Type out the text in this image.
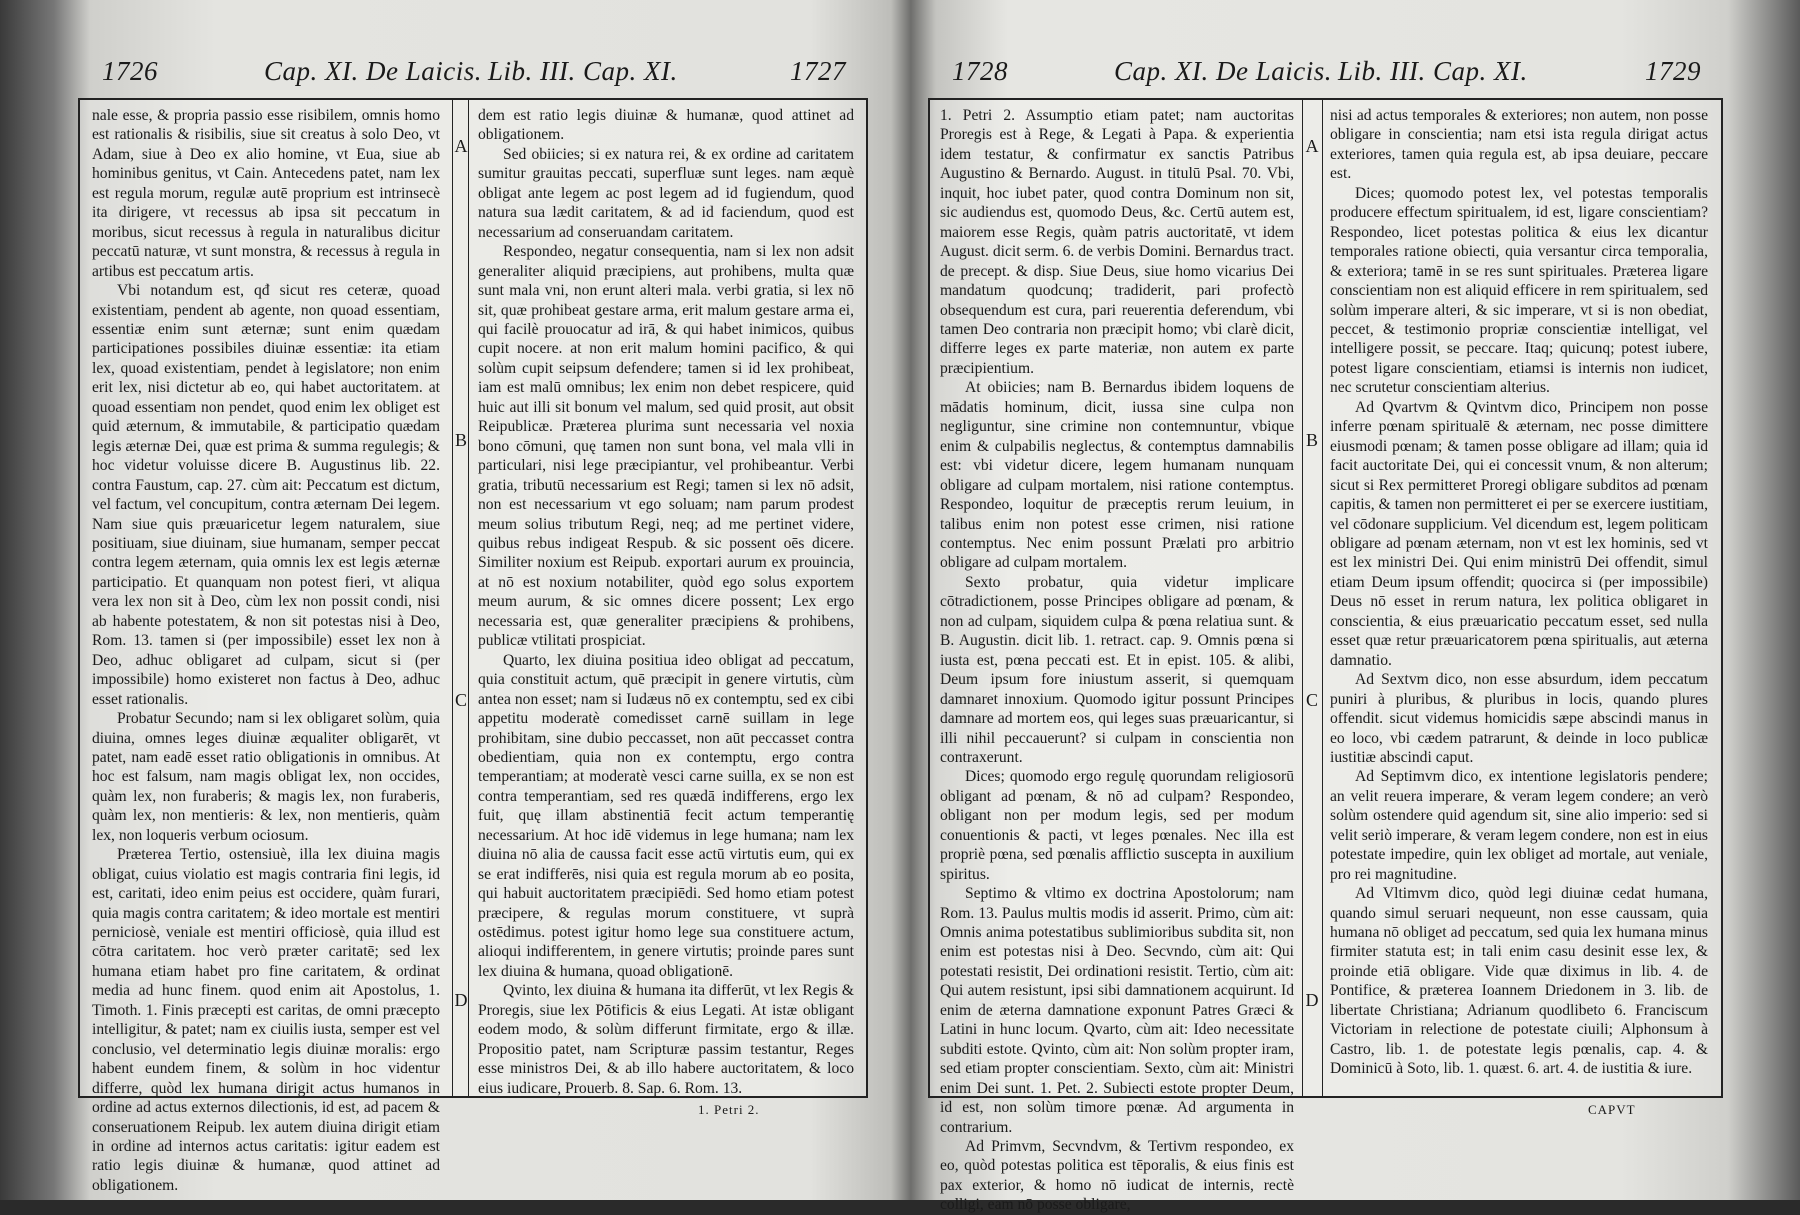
1726	Cap. XI. De Laicis. Lib. III. Cap. XI.	1727

nale esse, & propria passio esse risibilem, omnis homo est rationalis & risibilis, siue sit creatus à solo Deo, vt Adam, siue à Deo ex alio homine, vt Eua, siue ab hominibus genitus, vt Cain. Antecedens patet, nam lex est regula morum, regulæ autē proprium est intrinsecè ita dirigere, vt recessus ab ipsa sit peccatum in moribus, sicut recessus à regula in naturalibus dicitur peccatū naturæ, vt sunt monstra, & recessus à regula in artibus est peccatum artis.

Vbi notandum est, qđ sicut res ceteræ, quoad existentiam, pendent ab agente, non quoad essentiam, essentiæ enim sunt æternæ; sunt enim quædam participationes possibiles diuinæ essentiæ: ita etiam lex, quoad existentiam, pendet à legislatore; non enim erit lex, nisi dictetur ab eo, qui habet auctoritatem. at quoad essentiam non pendet, quod enim lex obliget est quid æternum, & immutabile, & participatio quædam legis æternæ Dei, quæ est prima & summa regulegis; & hoc videtur voluisse dicere B. Augustinus lib. 22. contra Faustum, cap. 27. cùm ait: Peccatum est dictum, vel factum, vel concupitum, contra æternam Dei legem. Nam siue quis præuaricetur legem naturalem, siue positiuam, siue diuinam, siue humanam, semper peccat contra legem æternam, quia omnis lex est legis æternæ participatio. Et quanquam non potest fieri, vt aliqua vera lex non sit à Deo, cùm lex non possit condi, nisi ab habente potestatem, & non sit potestas nisi à Deo, Rom. 13. tamen si (per impossibile) esset lex non à Deo, adhuc obligaret ad culpam, sicut si (per impossibile) homo existeret non factus à Deo, adhuc esset rationalis.

Probatur Secundo; nam si lex obligaret solùm, quia diuina, omnes leges diuinæ æqualiter obligarēt, vt patet, nam eadē esset ratio obligationis in omnibus. At hoc est falsum, nam magis obligat lex, non occides, quàm lex, non furaberis; & magis lex, non furaberis, quàm lex, non mentieris: & lex, non mentieris, quàm lex, non loqueris verbum ociosum.

Præterea Tertio, ostensiuè, illa lex diuina magis obligat, cuius violatio est magis contraria fini legis, id est, caritati, ideo enim peius est occidere, quàm furari, quia magis contra caritatem; & ideo mortale est mentiri perniciosè, veniale est mentiri officiosè, quia illud est cōtra caritatem. hoc verò præter caritatē; sed lex humana etiam habet pro fine caritatem, & ordinat media ad hunc finem. quod enim ait Apostolus, 1. Timoth. 1. Finis præcepti est caritas, de omni præcepto intelligitur, & patet; nam ex ciuilis iusta, semper est vel conclusio, vel determinatio legis diuinæ moralis: ergo habent eundem finem, & solùm in hoc videntur differre, quòd lex humana dirigit actus humanos in ordine ad actus externos dilectionis, id est, ad pacem & conseruationem Reipub. lex autem diuina dirigit etiam in ordine ad internos actus caritatis: igitur eadem est ratio legis diuinæ & humanæ, quod attinet ad obligationem.

A
B
C
D

dem est ratio legis diuinæ & humanæ, quod attinet ad obligationem.

Sed obiicies; si ex natura rei, & ex ordine ad caritatem sumitur grauitas peccati, superfluæ sunt leges. nam æquè obligat ante legem ac post legem ad id fugiendum, quod natura sua lædit caritatem, & ad id faciendum, quod est necessarium ad conseruandam caritatem.

Respondeo, negatur consequentia, nam si lex non adsit generaliter aliquid præcipiens, aut prohibens, multa quæ sunt mala vni, non erunt alteri mala. verbi gratia, si lex nō sit, quæ prohibeat gestare arma, erit malum gestare arma ei, qui facilè prouocatur ad irā, & qui habet inimicos, quibus cupit nocere. at non erit malum homini pacifico, & qui solùm cupit seipsum defendere; tamen si id lex prohibeat, iam est malū omnibus; lex enim non debet respicere, quid huic aut illi sit bonum vel malum, sed quid prosit, aut obsit Reipublicæ. Præterea plurima sunt necessaria vel noxia bono cōmuni, quę tamen non sunt bona, vel mala vlli in particulari, nisi lege præcipiantur, vel prohibeantur. Verbi gratia, tributū necessarium est Regi; tamen si lex nō adsit, non est necessarium vt ego soluam; nam parum prodest meum solius tributum Regi, neq; ad me pertinet videre, quibus rebus indigeat Respub. & sic possent oēs dicere. Similiter noxium est Reipub. exportari aurum ex prouincia, at nō est noxium notabiliter, quòd ego solus exportem meum aurum, & sic omnes dicere possent; Lex ergo necessaria est, quæ generaliter præcipiens & prohibens, publicæ vtilitati prospiciat.

Quarto, lex diuina positiua ideo obligat ad peccatum, quia constituit actum, quē præcipit in genere virtutis, cùm antea non esset; nam si Iudæus nō ex contemptu, sed ex cibi appetitu moderatè comedisset carnē suillam in lege prohibitam, sine dubio peccasset, non aūt peccasset contra obedientiam, quia non ex contemptu, ergo contra temperantiam; at moderatè vesci carne suilla, ex se non est contra temperantiam, sed res quædā indifferens, ergo lex fuit, quę illam abstinentiā fecit actum temperantię necessarium. At hoc idē videmus in lege humana; nam lex diuina nō alia de caussa facit esse actū virtutis eum, qui ex se erat indifferēs, nisi quia est regula morum ab eo posita, qui habuit auctoritatem præcipiēdi. Sed homo etiam potest præcipere, & regulas morum constituere, vt suprà ostēdimus. potest igitur homo lege sua constituere actum, alioqui indifferentem, in genere virtutis; proinde pares sunt lex diuina & humana, quoad obligationē.

Qvinto, lex diuina & humana ita differūt, vt lex Regis & Proregis, siue lex Pōtificis & eius Legati. At istæ obligant eodem modo, & solùm differunt firmitate, ergo & illæ. Propositio patet, nam Scripturæ passim testantur, Reges esse ministros Dei, & ab illo habere auctoritatem, & loco eius iudicare, Prouerb. 8. Sap. 6. Rom. 13.

1. Petri 2.
1728	Cap. XI. De Laicis. Lib. III. Cap. XI.	1729

1. Petri 2. Assumptio etiam patet; nam auctoritas Proregis est à Rege, & Legati à Papa. & experientia idem testatur, & confirmatur ex sanctis Patribus Augustino & Bernardo. August. in titulū Psal. 70. Vbi, inquit, hoc iubet pater, quod contra Dominum non sit, sic audiendus est, quomodo Deus, &c. Certū autem est, maiorem esse Regis, quàm patris auctoritatē, vt idem August. dicit serm. 6. de verbis Domini. Bernardus tract. de precept. & disp. Siue Deus, siue homo vicarius Dei mandatum quodcunq; tradiderit, pari profectò obsequendum est cura, pari reuerentia deferendum, vbi tamen Deo contraria non præcipit homo; vbi clarè dicit, differre leges ex parte materiæ, non autem ex parte præcipientium.

At obiicies; nam B. Bernardus ibidem loquens de mādatis hominum, dicit, iussa sine culpa non negliguntur, sine crimine non contemnuntur, vbique enim & culpabilis neglectus, & contemptus damnabilis est: vbi videtur dicere, legem humanam nunquam obligare ad culpam mortalem, nisi ratione contemptus. Respondeo, loquitur de præceptis rerum leuium, in talibus enim non potest esse crimen, nisi ratione contemptus. Nec enim possunt Prælati pro arbitrio obligare ad culpam mortalem.

Sexto probatur, quia videtur implicare cōtradictionem, posse Principes obligare ad pœnam, & non ad culpam, siquidem culpa & pœna relatiua sunt. & B. Augustin. dicit lib. 1. retract. cap. 9. Omnis pœna si iusta est, pœna peccati est. Et in epist. 105. & alibi, Deum ipsum fore iniustum asserit, si quemquam damnaret innoxium. Quomodo igitur possunt Principes damnare ad mortem eos, qui leges suas præuaricantur, si illi nihil peccauerunt? si culpam in conscientia non contraxerunt.

Dices; quomodo ergo regulę quorundam religiosorū obligant ad pœnam, & nō ad culpam? Respondeo, obligant non per modum legis, sed per modum conuentionis & pacti, vt leges pœnales. Nec illa est propriè pœna, sed pœnalis afflictio suscepta in auxilium spiritus.

Septimo & vltimo ex doctrina Apostolorum; nam Rom. 13. Paulus multis modis id asserit. Primo, cùm ait: Omnis anima potestatibus sublimioribus subdita sit, non enim est potestas nisi à Deo. Secvndo, cùm ait: Qui potestati resistit, Dei ordinationi resistit. Tertio, cùm ait: Qui autem resistunt, ipsi sibi damnationem acquirunt. Id enim de æterna damnatione exponunt Patres Græci & Latini in hunc locum. Qvarto, cùm ait: Ideo necessitate subditi estote. Qvinto, cùm ait: Non solùm propter iram, sed etiam propter conscientiam. Sexto, cùm ait: Ministri enim Dei sunt. 1. Pet. 2. Subiecti estote propter Deum, id est, non solùm timore pœnæ. Ad argumenta in contrarium.

Ad Primvm, Secvndvm, & Tertivm respondeo, ex eo, quòd potestas politica est tēporalis, & eius finis est pax exterior, & homo nō iudicat de internis, rectè colligi, eam nō posse obligare,

A
B
C
D

nisi ad actus temporales & exteriores; non autem, non posse obligare in conscientia; nam etsi ista regula dirigat actus exteriores, tamen quia regula est, ab ipsa deuiare, peccare est.

Dices; quomodo potest lex, vel potestas temporalis producere effectum spiritualem, id est, ligare conscientiam? Respondeo, licet potestas politica & eius lex dicantur temporales ratione obiecti, quia versantur circa temporalia, & exteriora; tamē in se res sunt spirituales. Præterea ligare conscientiam non est aliquid efficere in rem spiritualem, sed solùm imperare alteri, & sic imperare, vt si is non obediat, peccet, & testimonio propriæ conscientiæ intelligat, vel intelligere possit, se peccare. Itaq; quicunq; potest iubere, potest ligare conscientiam, etiamsi is internis non iudicet, nec scrutetur conscientiam alterius.

Ad Qvartvm & Qvintvm dico, Principem non posse inferre pœnam spiritualē & æternam, nec posse dimittere eiusmodi pœnam; & tamen posse obligare ad illam; quia id facit auctoritate Dei, qui ei concessit vnum, & non alterum; sicut si Rex permitteret Proregi obligare subditos ad pœnam capitis, & tamen non permitteret ei per se exercere iustitiam, vel cōdonare supplicium. Vel dicendum est, legem politicam obligare ad pœnam æternam, non vt est lex hominis, sed vt est lex ministri Dei. Qui enim ministrū Dei offendit, simul etiam Deum ipsum offendit; quocirca si (per impossibile) Deus nō esset in rerum natura, lex politica obligaret in conscientia, & eius præuaricatio peccatum esset, sed nulla esset quæ retur præuaricatorem pœna spiritualis, aut æterna damnatio.

Ad Sextvm dico, non esse absurdum, idem peccatum puniri à pluribus, & pluribus in locis, quando plures offendit. sicut videmus homicidis sæpe abscindi manus in eo loco, vbi cædem patrarunt, & deinde in loco publicæ iustitiæ abscindi caput.

Ad Septimvm dico, ex intentione legislatoris pendere; an velit reuera imperare, & veram legem condere; an verò solùm ostendere quid agendum sit, sine alio imperio: sed si velit seriò imperare, & veram legem condere, non est in eius potestate impedire, quin lex obliget ad mortale, aut veniale, pro rei magnitudine.

Ad Vltimvm dico, quòd legi diuinæ cedat humana, quando simul seruari nequeunt, non esse caussam, quia humana nō obliget ad peccatum, sed quia lex humana minus firmiter statuta est; in tali enim casu desinit esse lex, & proinde etiā obligare. Vide quæ diximus in lib. 4. de Pontifice, & præterea Ioannem Driedonem in 3. lib. de libertate Christiana; Adrianum quodlibeto 6. Franciscum Victoriam in relectione de potestate ciuili; Alphonsum à Castro, lib. 1. de potestate legis pœnalis, cap. 4. & Dominicū à Soto, lib. 1. quæst. 6. art. 4. de iustitia & iure.

CAPVT
